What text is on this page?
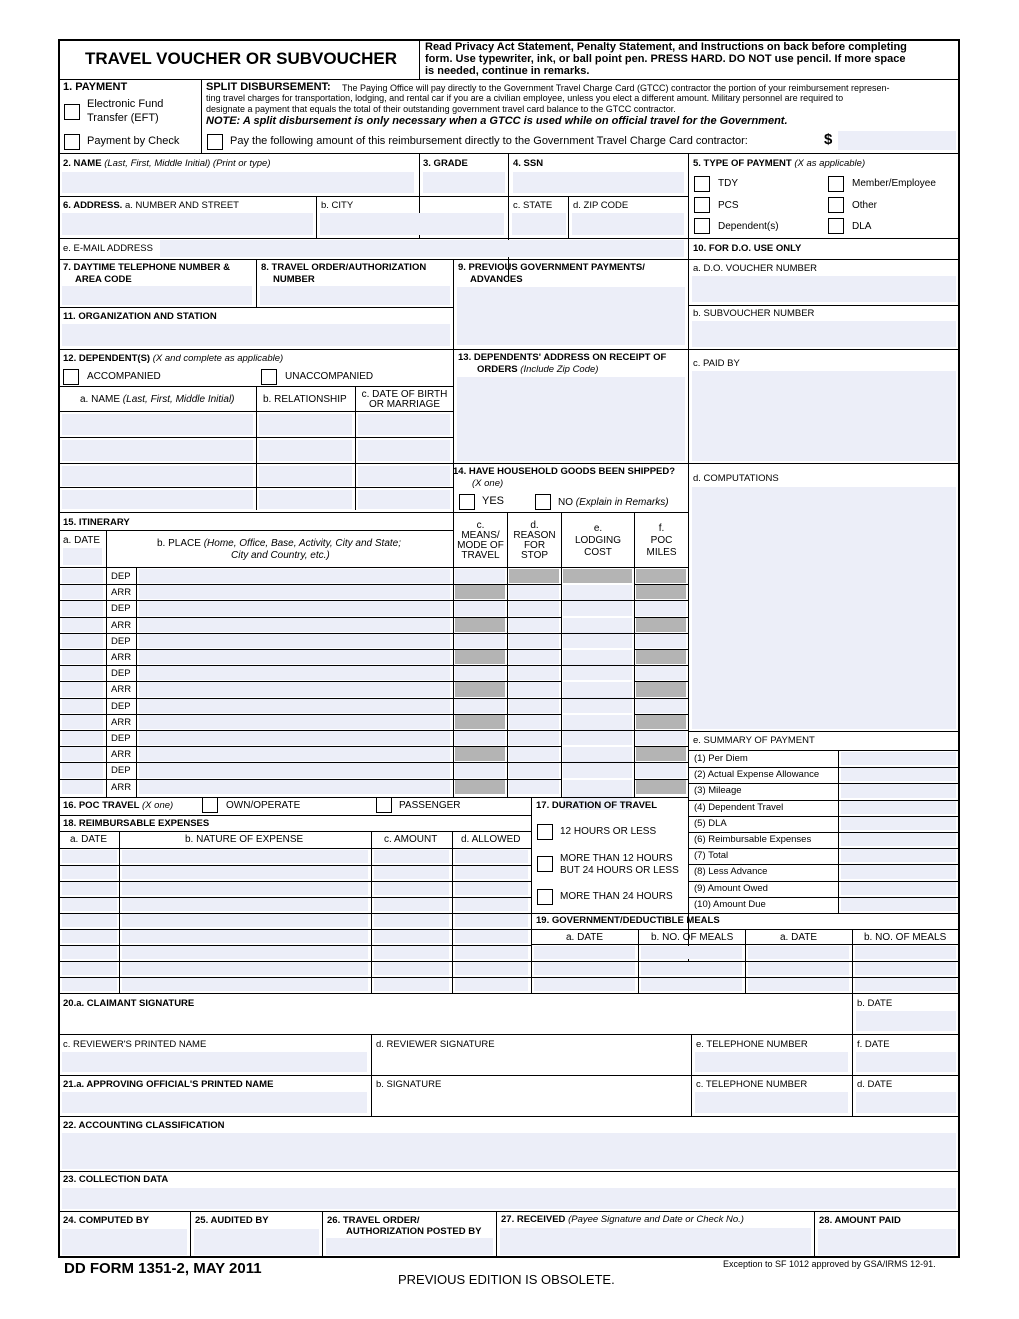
TRAVEL VOUCHER OR SUBVOUCHER
Read Privacy Act Statement, Penalty Statement, and Instructions on back before completing
form. Use typewriter, ink, or ball point pen. PRESS HARD. DO NOT use pencil. If more space
is needed, continue in remarks.
1. PAYMENT
Electronic Fund
Transfer (EFT)
Payment by Check
SPLIT DISBURSEMENT: The Paying Office will pay directly to the Government Travel Charge Card (GTCC) contractor the portion of your reimbursement represen-
ting travel charges for transportation, lodging, and rental car if you are a civilian employee, unless you elect a different amount. Military personnel are required to
designate a payment that equals the total of their outstanding government travel card balance to the GTCC contractor.
NOTE: A split disbursement is only necessary when a GTCC is used while on official travel for the Government.
Pay the following amount of this reimbursement directly to the Government Travel Charge Card contractor:	$
2. NAME (Last, First, Middle Initial) (Print or type)	3. GRADE	4. SSN	5. TYPE OF PAYMENT (X as applicable)
TDY	Member/Employee
PCS	Other
Dependent(s)	DLA
6. ADDRESS. a. NUMBER AND STREET	b. CITY	c. STATE d. ZIP CODE
e. E-MAIL ADDRESS	10. FOR D.O. USE ONLY
7. DAYTIME TELEPHONE NUMBER &
AREA CODE
8. TRAVEL ORDER/AUTHORIZATION
NUMBER
9. PREVIOUS GOVERNMENT PAYMENTS/
ADVANCES
a. D.O. VOUCHER NUMBER
11. ORGANIZATION AND STATION	b. SUBVOUCHER NUMBER
12. DEPENDENT(S) (X and complete as applicable)
ACCOMPANIED	UNACCOMPANIED
a. NAME (Last, First, Middle Initial)	b. RELATIONSHIP	c. DATE OF BIRTH
OR MARRIAGE
13. DEPENDENTS' ADDRESS ON RECEIPT OF
ORDERS (Include Zip Code)
14. HAVE HOUSEHOLD GOODS BEEN SHIPPED?
(X one)
YES	NO (Explain in Remarks)
c. PAID BY
d. COMPUTATIONS
15. ITINERARY
a. DATE	b. PLACE (Home, Office, Base, Activity, City and State;
City and Country, etc.)
c.
MEANS/
MODE OF
TRAVEL
d.
REASON
FOR
STOP
e.
LODGING
COST
f.
POC
MILES
DEP
ARR
DEP
ARR
DEP
ARR
DEP
ARR
DEP
ARR
DEP
ARR
DEP
ARR
e. SUMMARY OF PAYMENT
(1) Per Diem
(2) Actual Expense Allowance
(3) Mileage
(4) Dependent Travel
(5) DLA
(6) Reimbursable Expenses
(7) Total
(8) Less Advance
(9) Amount Owed
(10) Amount Due
16. POC TRAVEL (X one)	OWN/OPERATE	PASSENGER	17. DURATION OF TRAVEL
12 HOURS OR LESS
MORE THAN 12 HOURS
BUT 24 HOURS OR LESS
MORE THAN 24 HOURS
18. REIMBURSABLE EXPENSES
a. DATE	b. NATURE OF EXPENSE	c. AMOUNT d. ALLOWED
19. GOVERNMENT/DEDUCTIBLE MEALS
a. DATE	b. NO. OF MEALS	a. DATE	b. NO. OF MEALS
20.a. CLAIMANT SIGNATURE	b. DATE
c. REVIEWER'S PRINTED NAME	d. REVIEWER SIGNATURE	e. TELEPHONE NUMBER	f. DATE
21.a. APPROVING OFFICIAL'S PRINTED NAME	b. SIGNATURE	c. TELEPHONE NUMBER	d. DATE
22. ACCOUNTING CLASSIFICATION
23. COLLECTION DATA
24. COMPUTED BY	25. AUDITED BY	26. TRAVEL ORDER/
AUTHORIZATION POSTED BY
27. RECEIVED (Payee Signature and Date or Check No.)	28. AMOUNT PAID
DD FORM 1351-2, MAY 2011	Exception to SF 1012 approved by GSA/IRMS 12-91.
PREVIOUS EDITION IS OBSOLETE.
